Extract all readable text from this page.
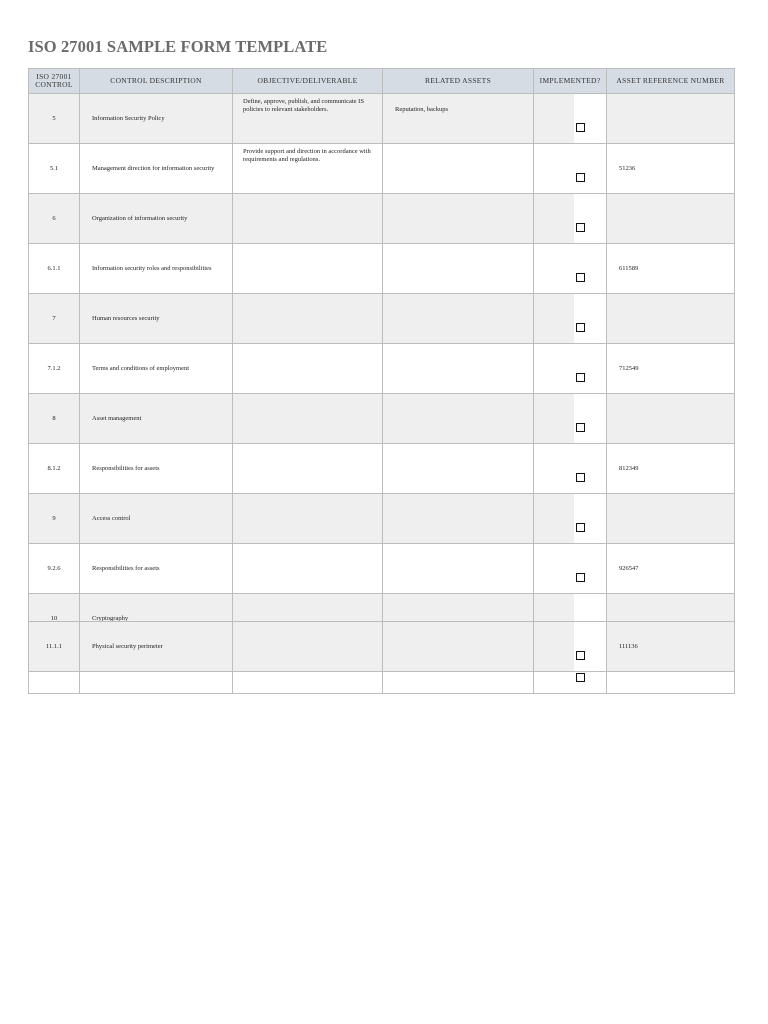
ISO 27001 SAMPLE FORM TEMPLATE
ISO 27001 CONTROL	CONTROL DESCRIPTION	OBJECTIVE/DELIVERABLE	RELATED ASSETS	IMPLEMENTED?	ASSET REFERENCE NUMBER
5	Information Security Policy	Define, approve, publish, and communicate IS policies to relevant stakeholders.	Reputation, backups	

5.1	Management direction for information security	Provide support and direction in accordance with requirements and regulations.			51236
6	Organization of information security			

6.1.1	Information security roles and responsibilities				611589
7	Human resources security			

7.1.2	Terms and conditions of employment				712549
8	Asset management			

8.1.2	Responsibilities for assets				812349
9	Access control			

9.2.6	Responsibilities for assets				926547
10	Cryptography			

11.1.1	Physical security perimeter				111136
